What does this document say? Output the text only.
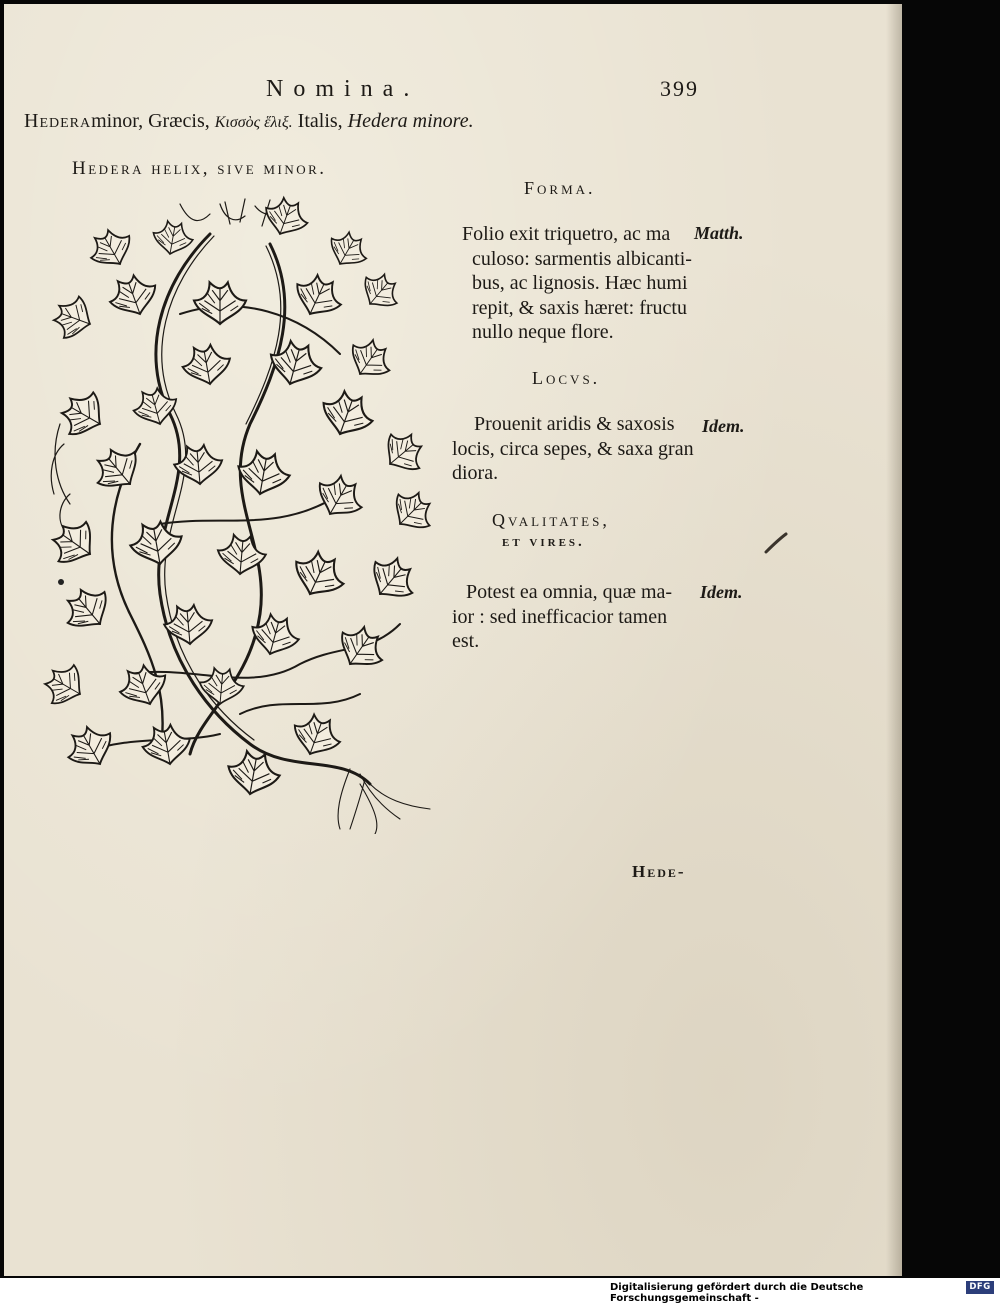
Nomina.	399
Hederaminor, Græcis, Κισσὸς ἕλιξ. Italis, Hedera minore.
Hedera helix, sive minor.
Forma.
Folio exit triquetro, ac ma
culoso: sarmentis albicanti-
bus, ac lignosis. Hæc humi
repit, & saxis hæret: fructu
nullo neque flore.
Matth.
Locvs.
Prouenit aridis & saxosis
locis, circa sepes, & saxa gran
diora.
Idem.
Qvalitates,
et vires.
Potest ea omnia, quæ ma-
ior : sed inefficacior tamen
est.
Idem.
Hede-
Digitalisierung gefördert durch die Deutsche Forschungsgemeinschaft -
DFG
